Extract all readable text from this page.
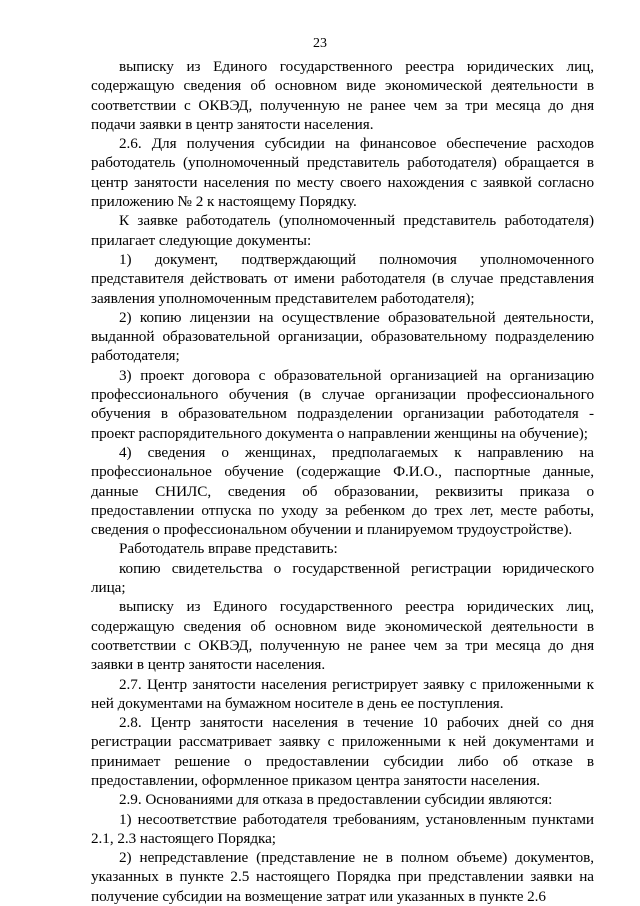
23

выписку из Единого государственного реестра юридических лиц, содержащую сведения об основном виде экономической деятельности в соответствии с ОКВЭД, полученную не ранее чем за три месяца до дня подачи заявки в центр занятости населения.

2.6. Для получения субсидии на финансовое обеспечение расходов работодатель (уполномоченный представитель работодателя) обращается в центр занятости населения по месту своего нахождения с заявкой согласно приложению № 2 к настоящему Порядку.

К заявке работодатель (уполномоченный представитель работодателя) прилагает следующие документы:

1) документ, подтверждающий полномочия уполномоченного представителя действовать от имени работодателя (в случае представления заявления уполномоченным представителем работодателя);

2) копию лицензии на осуществление образовательной деятельности, выданной образовательной организации, образовательному подразделению работодателя;

3) проект договора с образовательной организацией на организацию профессионального обучения (в случае организации профессионального обучения в образовательном подразделении организации работодателя - проект распорядительного документа о направлении женщины на обучение);

4) сведения о женщинах, предполагаемых к направлению на профессиональное обучение (содержащие Ф.И.О., паспортные данные, данные СНИЛС, сведения об образовании, реквизиты приказа о предоставлении отпуска по уходу за ребенком до трех лет, месте работы, сведения о профессиональном обучении и планируемом трудоустройстве).

Работодатель вправе представить:

копию свидетельства о государственной регистрации юридического лица;

выписку из Единого государственного реестра юридических лиц, содержащую сведения об основном виде экономической деятельности в соответствии с ОКВЭД, полученную не ранее чем за три месяца до дня заявки в центр занятости населения.

2.7. Центр занятости населения регистрирует заявку с приложенными к ней документами на бумажном носителе в день ее поступления.

2.8. Центр занятости населения в течение 10 рабочих дней со дня регистрации рассматривает заявку с приложенными к ней документами и принимает решение о предоставлении субсидии либо об отказе в предоставлении, оформленное приказом центра занятости населения.

2.9. Основаниями для отказа в предоставлении субсидии являются:

1) несоответствие работодателя требованиям, установленным пунктами 2.1, 2.3 настоящего Порядка;

2) непредставление (представление не в полном объеме) документов, указанных в пункте 2.5 настоящего Порядка при представлении заявки на получение субсидии на возмещение затрат или указанных в пункте 2.6
